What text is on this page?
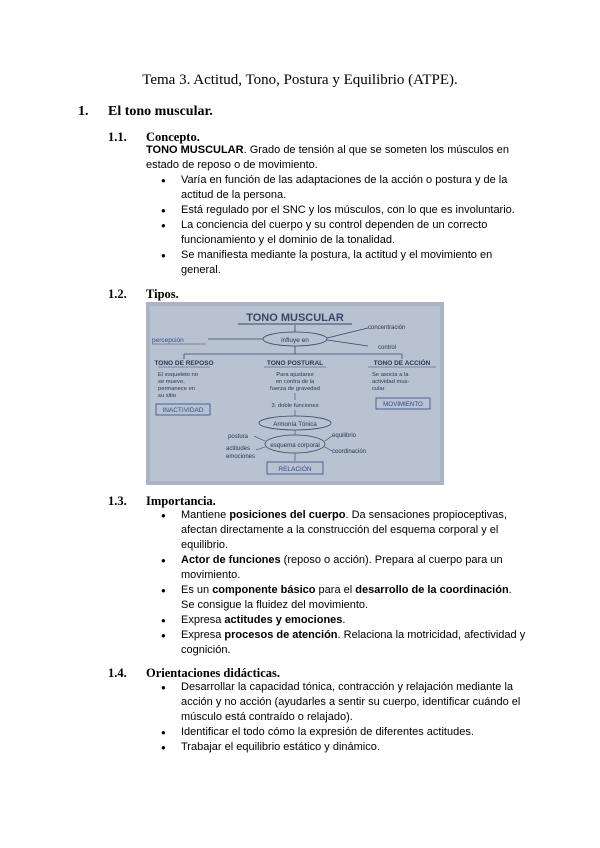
Tema 3. Actitud, Tono, Postura y Equilibrio (ATPE).
1. El tono muscular.
1.1. Concepto.
TONO MUSCULAR. Grado de tensión al que se someten los músculos en estado de reposo o de movimiento.
● Varía en función de las adaptaciones de la acción o postura y de la actitud de la persona.
● Está regulado por el SNC y los músculos, con lo que es involuntario.
● La conciencia del cuerpo y su control dependen de un correcto funcionamiento y el dominio de la tonalidad.
● Se manifiesta mediante la postura, la actitud y el movimiento en general.
1.2. Tipos.
TONO MUSCULAR
influye en
percepción
concentración
control
TONO DE REPOSO
El esqueleto no
se mueve,
permanece en
su sitio
INACTIVIDAD
TONO POSTURAL
Para ajustarse
en contra de la
fuerza de gravedad
3. doble funciones
TONO DE ACCIÓN
Se asocia a la
actividad mus-
cular
MOVIMIENTO
Armonía Tónica
esquema corporal
postura
actitudes
emociones
equilibrio
coordinación
RELACIÓN
1.3. Importancia.
● Mantiene posiciones del cuerpo. Da sensaciones propioceptivas, afectan directamente a la construcción del esquema corporal y el equilibrio.
● Actor de funciones (reposo o acción). Prepara al cuerpo para un movimiento.
● Es un componente básico para el desarrollo de la coordinación. Se consigue la fluidez del movimiento.
● Expresa actitudes y emociones.
● Expresa procesos de atención. Relaciona la motricidad, afectividad y cognición.
1.4. Orientaciones didácticas.
● Desarrollar la capacidad tónica, contracción y relajación mediante la acción y no acción (ayudarles a sentir su cuerpo, identificar cuándo el músculo está contraído o relajado).
● Identificar el todo cómo la expresión de diferentes actitudes.
● Trabajar el equilibrio estático y dinámico.
